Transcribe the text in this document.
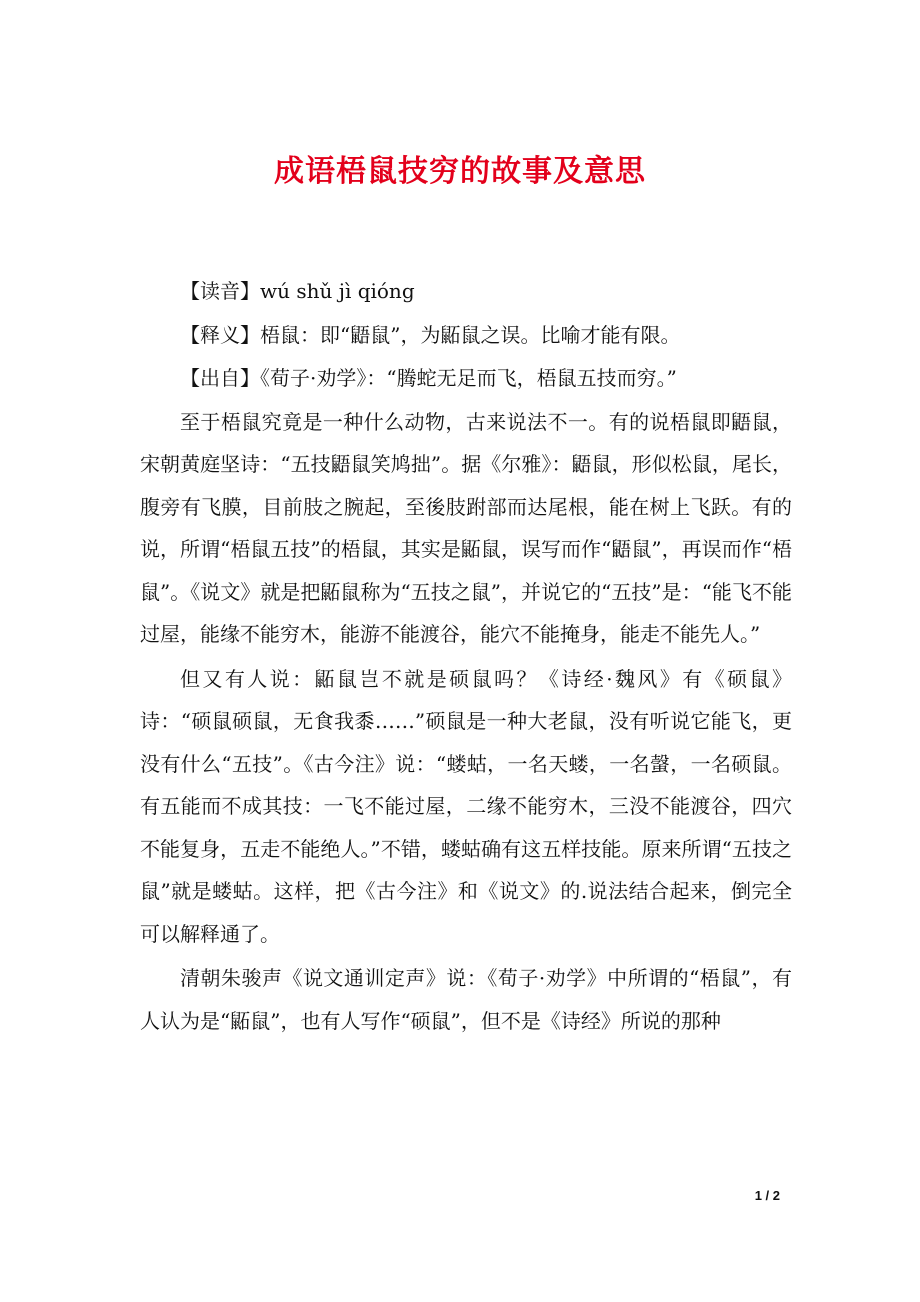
成语梧鼠技穷的故事及意思

【读音】wú shǔ jì qióng

【释义】梧鼠：即“鼯鼠”，为鼫鼠之误。比喻才能有限。

【出自】《荀子·劝学》：“腾蛇无足而飞，梧鼠五技而穷。”

至于梧鼠究竟是一种什么动物，古来说法不一。有的说梧鼠即鼯鼠，宋朝黄庭坚诗：“五技鼯鼠笑鸠拙”。据《尔雅》：鼯鼠，形似松鼠，尾长，腹旁有飞膜，目前肢之腕起，至後肢跗部而达尾根，能在树上飞跃。有的说，所谓“梧鼠五技”的梧鼠，其实是鼫鼠，误写而作“鼯鼠”，再误而作“梧鼠”。《说文》就是把鼫鼠称为“五技之鼠”，并说它的“五技”是：“能飞不能过屋，能缘不能穷木，能游不能渡谷，能穴不能掩身，能走不能先人。”

但又有人说：鼫鼠岂不就是硕鼠吗？《诗经·魏风》有《硕鼠》诗：“硕鼠硕鼠，无食我黍……”硕鼠是一种大老鼠，没有听说它能飞，更没有什么“五技”。《古今注》说：“蝼蛄，一名天蝼，一名螜，一名硕鼠。有五能而不成其技：一飞不能过屋，二缘不能穷木，三没不能渡谷，四穴不能复身，五走不能绝人。”不错，蝼蛄确有这五样技能。原来所谓“五技之鼠”就是蝼蛄。这样，把《古今注》和《说文》的.说法结合起来，倒完全可以解释通了。

清朝朱骏声《说文通训定声》说：《荀子·劝学》中所谓的“梧鼠”，有人认为是“鼫鼠”，也有人写作“硕鼠”，但不是《诗经》所说的那种

1 / 2
